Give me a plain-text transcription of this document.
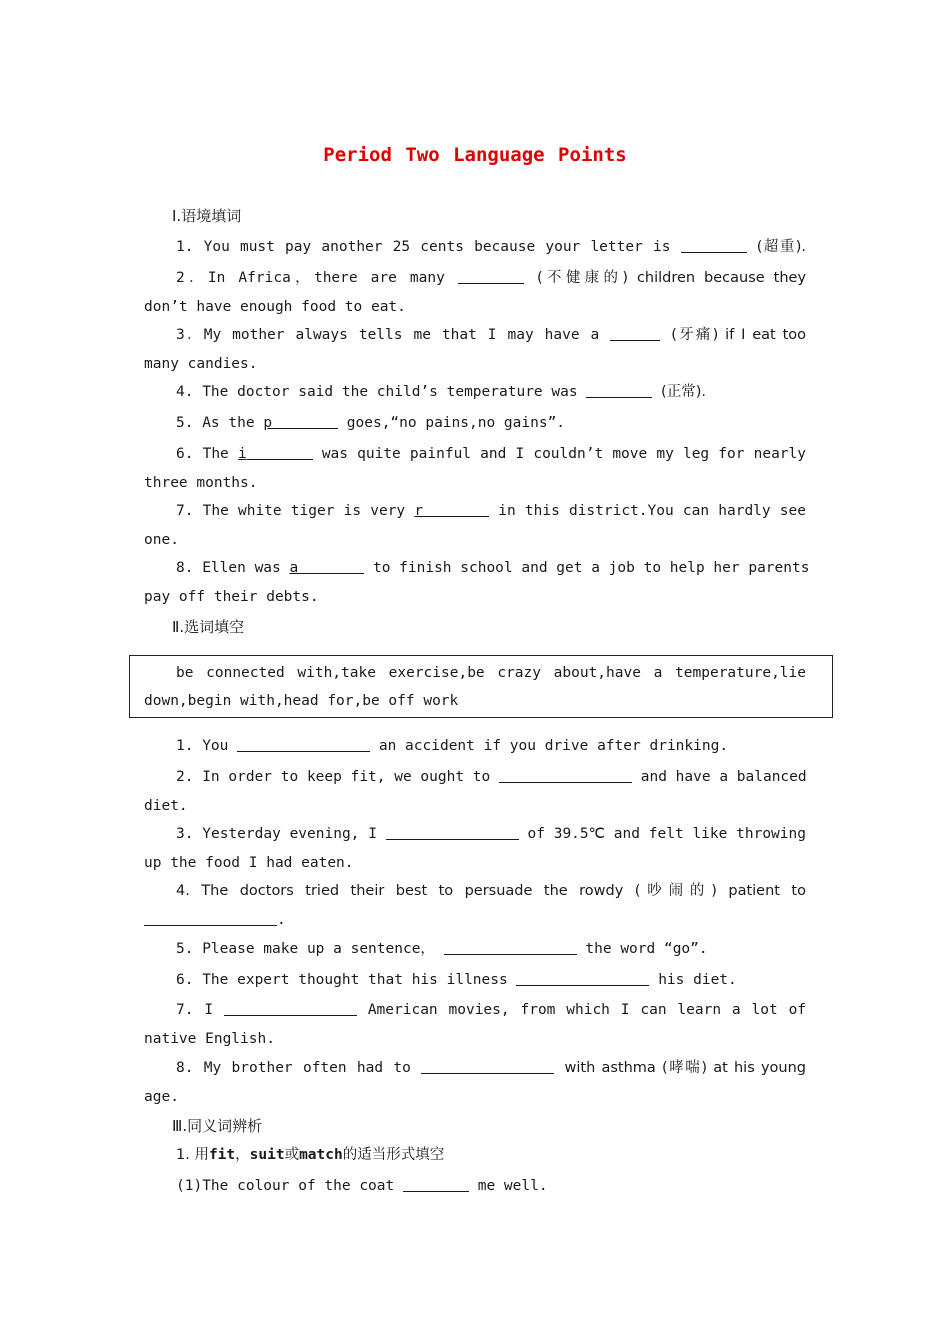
Period Two Language Points
Ⅰ.语境填词
1. You must pay another 25 cents because your letter is	(超重).
2．In Africa，there are many	(不健康的) children because they
don’t have enough food to eat.
3．My mother always tells me that I may have a	(牙痛) if I eat too
many candies.
4. The doctor said the child’s temperature was	(正常).
5. As the p	goes,“no pains,no gains”.
6. The i	was quite painful and I couldn’t move my leg for nearly
three months.
7. The white tiger is very r	in this district.You can hardly see
one.
8. Ellen was a	to finish school and get a job to help her parents
pay off their debts.
Ⅱ.选词填空
be connected with,take exercise,be crazy about,have a temperature,lie
down,begin with,head for,be off work
1. You	an accident if you drive after drinking.
2. In order to keep fit, we ought to	and have a balanced
diet.
3. Yesterday evening, I	of 39.5℃ and felt like throwing
up the food I had eaten.
4. The doctors tried their best to persuade the rowdy (吵闹的) patient to
.
5. Please make up a sentence，	the word “go”.
6. The expert thought that his illness	his diet.
7. I	American movies, from which I can learn a lot of
native English.
8. My brother often had to	with asthma (哮喘) at his young
age.
Ⅲ.同义词辨析
1. 用fit，suit或match的适当形式填空
(1)The colour of the coat	me well.
